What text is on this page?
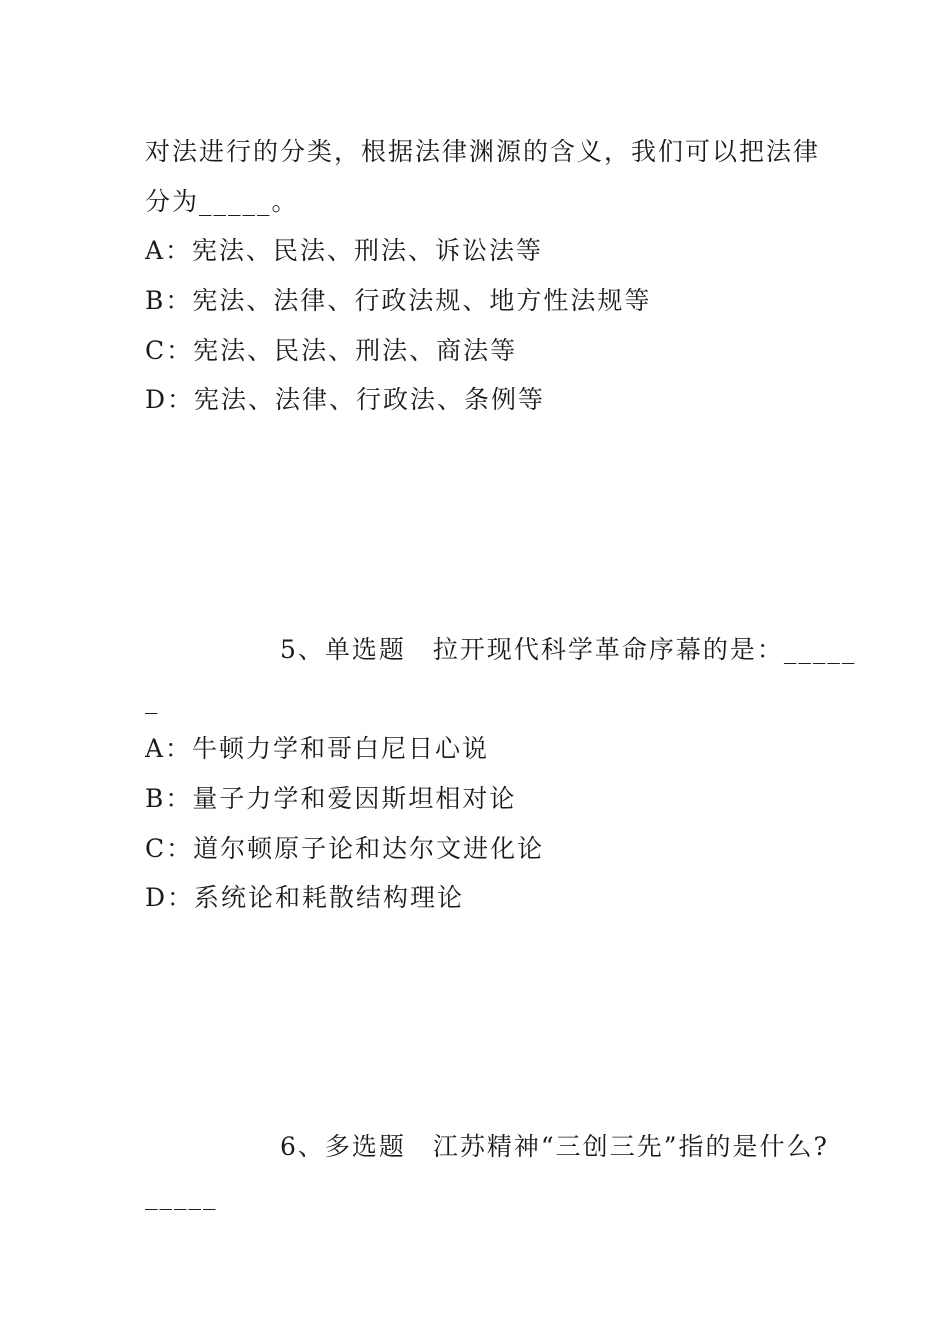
对法进行的分类，根据法律渊源的含义，我们可以把法律
分为_____。
A：宪法、民法、刑法、诉讼法等
B：宪法、法律、行政法规、地方性法规等
C：宪法、民法、刑法、商法等
D：宪法、法律、行政法、条例等
5、单选题　拉开现代科学革命序幕的是：_____
_
A：牛顿力学和哥白尼日心说
B：量子力学和爱因斯坦相对论
C：道尔顿原子论和达尔文进化论
D：系统论和耗散结构理论
6、多选题　江苏精神“三创三先”指的是什么?
_____
